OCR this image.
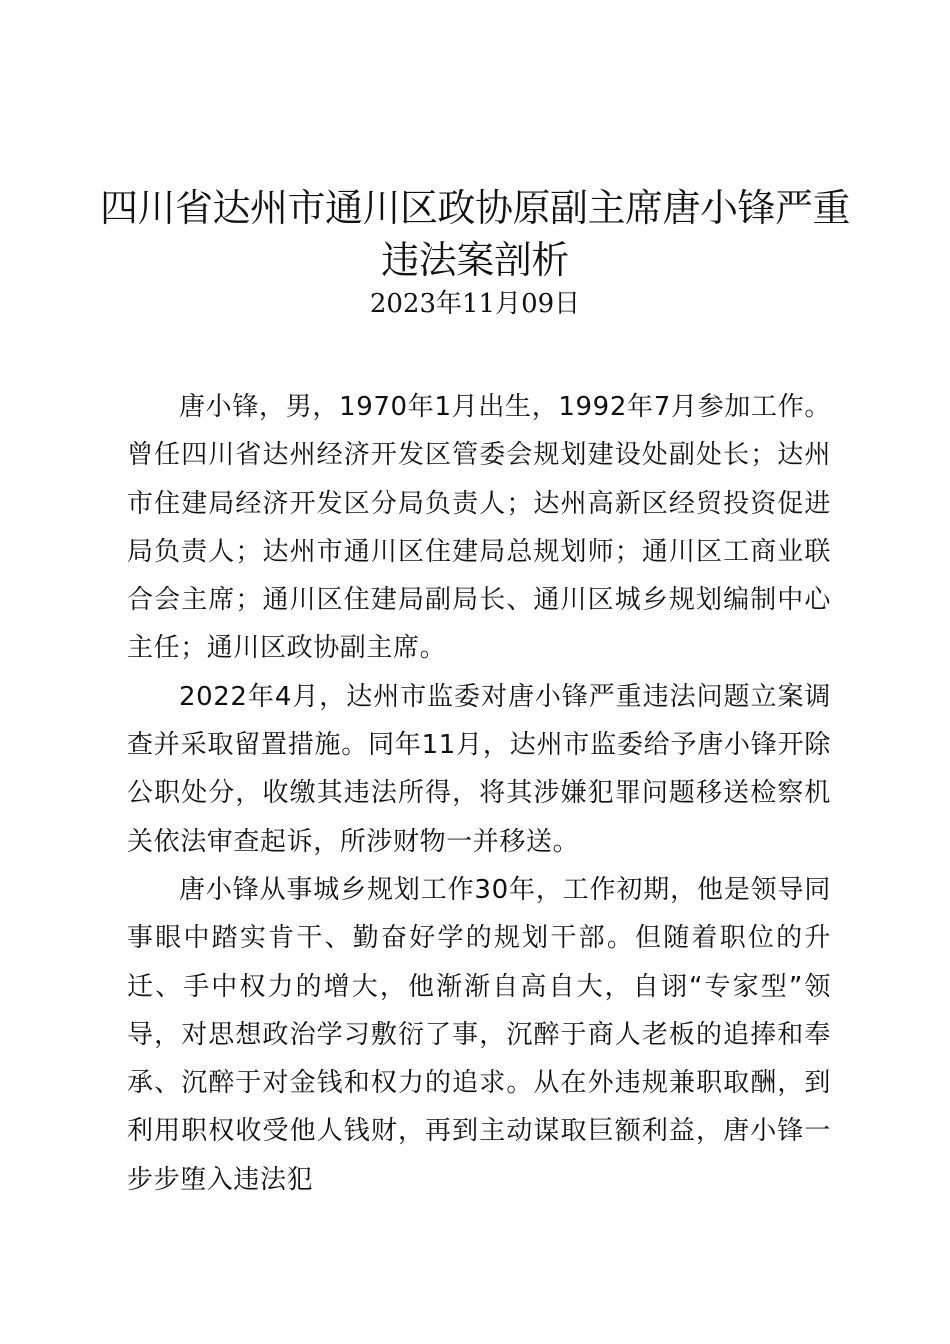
四川省达州市通川区政协原副主席唐小锋严重
违法案剖析
2023年11月09日

唐小锋，男，1970年1月出生，1992年7月参加工作。曾任四川省达州经济开发区管委会规划建设处副处长；达州市住建局经济开发区分局负责人；达州高新区经贸投资促进局负责人；达州市通川区住建局总规划师；通川区工商业联合会主席；通川区住建局副局长、通川区城乡规划编制中心主任；通川区政协副主席。

2022年4月，达州市监委对唐小锋严重违法问题立案调查并采取留置措施。同年11月，达州市监委给予唐小锋开除公职处分，收缴其违法所得，将其涉嫌犯罪问题移送检察机关依法审查起诉，所涉财物一并移送。

唐小锋从事城乡规划工作30年，工作初期，他是领导同事眼中踏实肯干、勤奋好学的规划干部。但随着职位的升迁、手中权力的增大，他渐渐自高自大，自诩“专家型”领导，对思想政治学习敷衍了事，沉醉于商人老板的追捧和奉承、沉醉于对金钱和权力的追求。从在外违规兼职取酬，到利用职权收受他人钱财，再到主动谋取巨额利益，唐小锋一步步堕入违法犯
